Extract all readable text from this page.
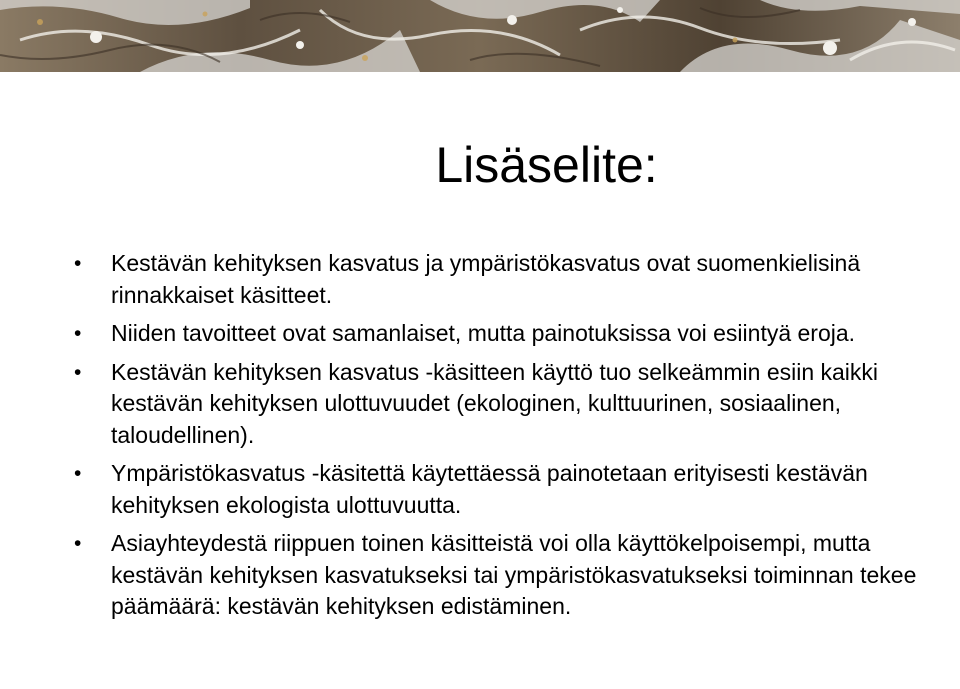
Lisäselite:
• Kestävän kehityksen kasvatus ja ympäristökasvatus ovat suomenkielisinä rinnakkaiset käsitteet.
• Niiden tavoitteet ovat samanlaiset, mutta painotuksissa voi esiintyä eroja.
• Kestävän kehityksen kasvatus -käsitteen käyttö tuo selkeämmin esiin kaikki kestävän kehityksen ulottuvuudet (ekologinen, kulttuurinen, sosiaalinen, taloudellinen).
• Ympäristökasvatus -käsitettä käytettäessä painotetaan erityisesti kestävän kehityksen ekologista ulottuvuutta.
• Asiayhteydestä riippuen toinen käsitteistä voi olla käyttökelpoisempi, mutta kestävän kehityksen kasvatukseksi tai ympäristökasvatukseksi toiminnan tekee päämäärä: kestävän kehityksen edistäminen.
